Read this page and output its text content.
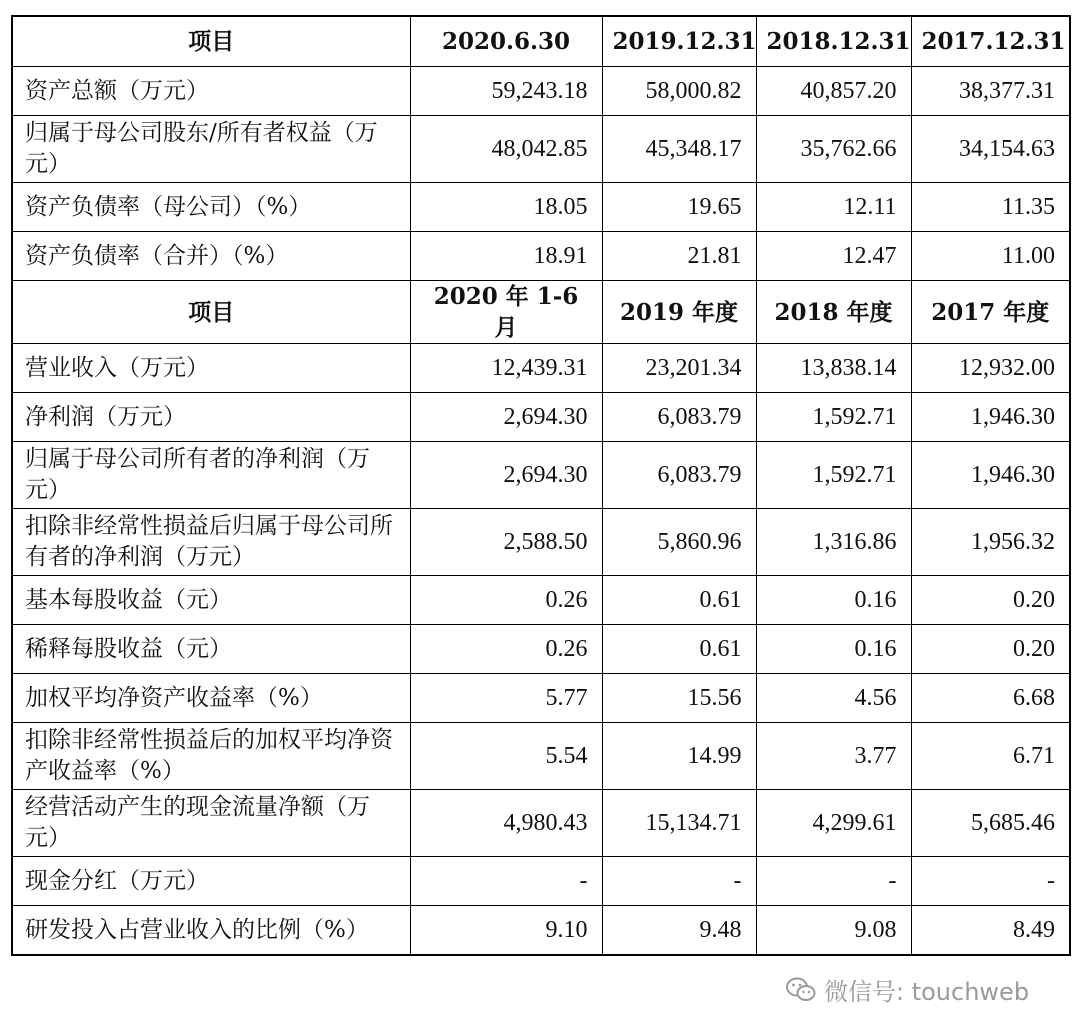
项目	2020.6.30	2019.12.31	2018.12.31	2017.12.31
资产总额（万元）	59,243.18	58,000.82	40,857.20	38,377.31
归属于母公司股东/所有者权益（万元）	48,042.85	45,348.17	35,762.66	34,154.63
资产负债率（母公司）（%）	18.05	19.65	12.11	11.35
资产负债率（合并）（%）	18.91	21.81	12.47	11.00
项目	2020 年 1-6 月	2019 年度	2018 年度	2017 年度
营业收入（万元）	12,439.31	23,201.34	13,838.14	12,932.00
净利润（万元）	2,694.30	6,083.79	1,592.71	1,946.30
归属于母公司所有者的净利润（万元）	2,694.30	6,083.79	1,592.71	1,946.30
扣除非经常性损益后归属于母公司所有者的净利润（万元）	2,588.50	5,860.96	1,316.86	1,956.32
基本每股收益（元）	0.26	0.61	0.16	0.20
稀释每股收益（元）	0.26	0.61	0.16	0.20
加权平均净资产收益率（%）	5.77	15.56	4.56	6.68
扣除非经常性损益后的加权平均净资产收益率（%）	5.54	14.99	3.77	6.71
经营活动产生的现金流量净额（万元）	4,980.43	15,134.71	4,299.61	5,685.46
现金分红（万元）	-	-	-	-
研发投入占营业收入的比例（%）	9.10	9.48	9.08	8.49
微信号: touchweb
